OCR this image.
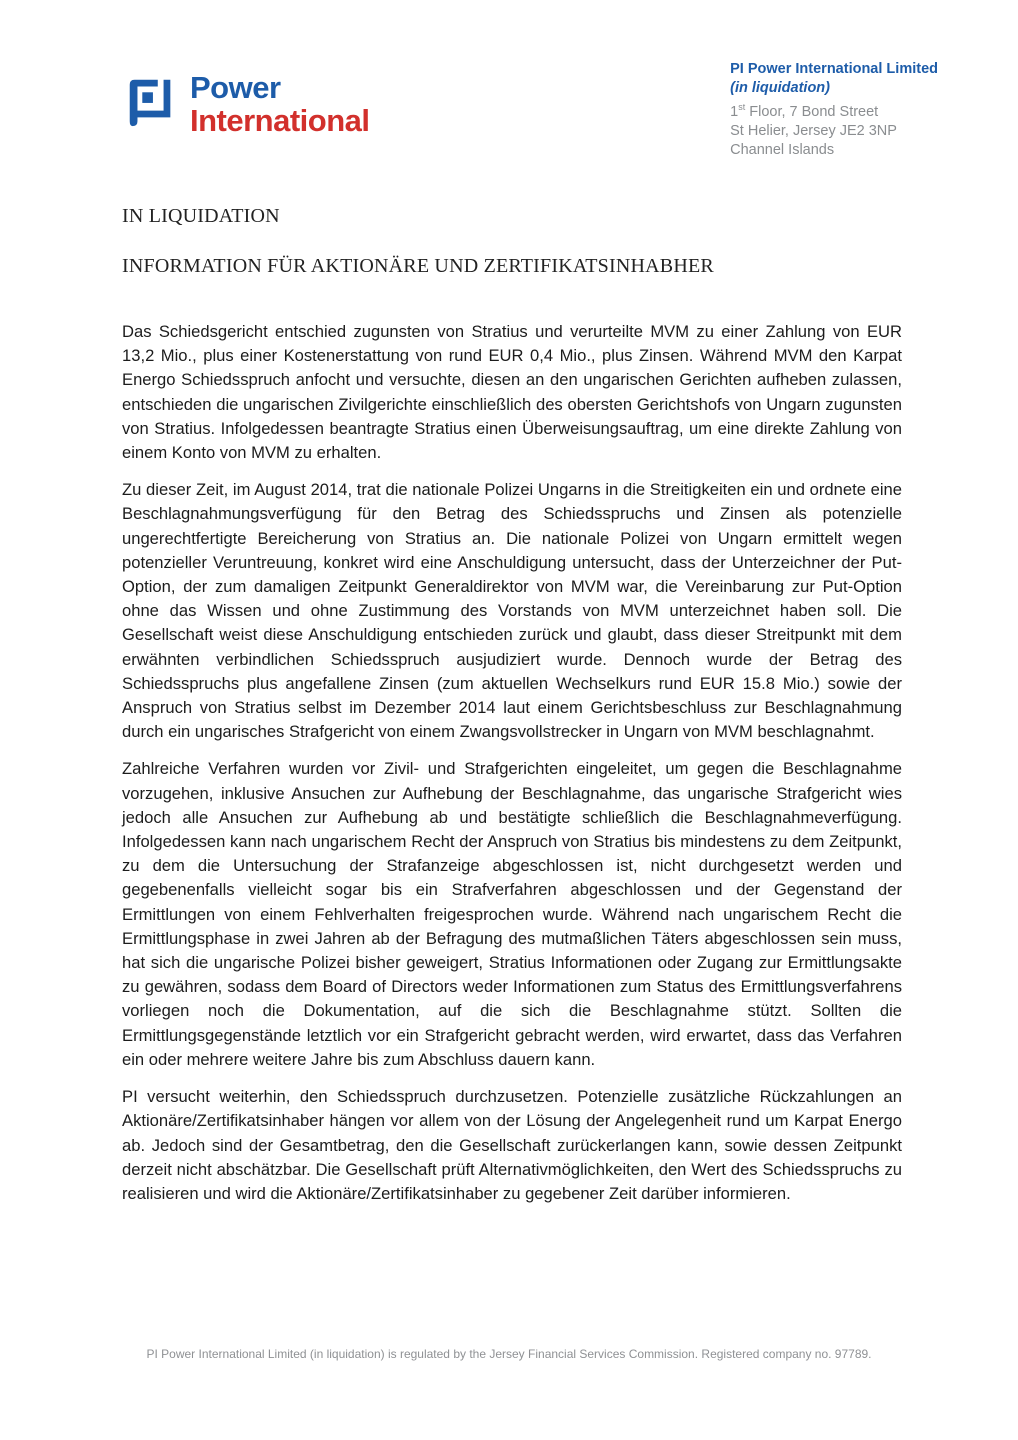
Power
International
PI Power International Limited
(in liquidation)
1st Floor, 7 Bond Street
St Helier, Jersey JE2 3NP
Channel Islands
IN LIQUIDATION
INFORMATION FÜR AKTIONÄRE UND ZERTIFIKATSINHABHER

Das Schiedsgericht entschied zugunsten von Stratius und verurteilte MVM zu einer Zahlung von EUR 13,2 Mio., plus einer Kostenerstattung von rund EUR 0,4 Mio., plus Zinsen. Während MVM den Karpat Energo Schiedsspruch anfocht und versuchte, diesen an den ungarischen Gerichten aufheben zulassen, entschieden die ungarischen Zivilgerichte einschließlich des obersten Gerichtshofs von Ungarn zugunsten von Stratius. Infolgedessen beantragte Stratius einen Überweisungsauftrag, um eine direkte Zahlung von einem Konto von MVM zu erhalten.

Zu dieser Zeit, im August 2014, trat die nationale Polizei Ungarns in die Streitigkeiten ein und ordnete eine Beschlagnahmungsverfügung für den Betrag des Schiedsspruchs und Zinsen als potenzielle ungerechtfertigte Bereicherung von Stratius an. Die nationale Polizei von Ungarn ermittelt wegen potenzieller Veruntreuung, konkret wird eine Anschuldigung untersucht, dass der Unterzeichner der Put-Option, der zum damaligen Zeitpunkt Generaldirektor von MVM war, die Vereinbarung zur Put-Option ohne das Wissen und ohne Zustimmung des Vorstands von MVM unterzeichnet haben soll. Die Gesellschaft weist diese Anschuldigung entschieden zurück und glaubt, dass dieser Streitpunkt mit dem erwähnten verbindlichen Schiedsspruch ausjudiziert wurde. Dennoch wurde der Betrag des Schiedsspruchs plus angefallene Zinsen (zum aktuellen Wechselkurs rund EUR 15.8 Mio.) sowie der Anspruch von Stratius selbst im Dezember 2014 laut einem Gerichtsbeschluss zur Beschlagnahmung durch ein ungarisches Strafgericht von einem Zwangsvollstrecker in Ungarn von MVM beschlagnahmt.

Zahlreiche Verfahren wurden vor Zivil- und Strafgerichten eingeleitet, um gegen die Beschlagnahme vorzugehen, inklusive Ansuchen zur Aufhebung der Beschlagnahme, das ungarische Strafgericht wies jedoch alle Ansuchen zur Aufhebung ab und bestätigte schließlich die Beschlagnahmeverfügung. Infolgedessen kann nach ungarischem Recht der Anspruch von Stratius bis mindestens zu dem Zeitpunkt, zu dem die Untersuchung der Strafanzeige abgeschlossen ist, nicht durchgesetzt werden und gegebenenfalls vielleicht sogar bis ein Strafverfahren abgeschlossen und der Gegenstand der Ermittlungen von einem Fehlverhalten freigesprochen wurde. Während nach ungarischem Recht die Ermittlungsphase in zwei Jahren ab der Befragung des mutmaßlichen Täters abgeschlossen sein muss, hat sich die ungarische Polizei bisher geweigert, Stratius Informationen oder Zugang zur Ermittlungsakte zu gewähren, sodass dem Board of Directors weder Informationen zum Status des Ermittlungsverfahrens vorliegen noch die Dokumentation, auf die sich die Beschlagnahme stützt. Sollten die Ermittlungsgegenstände letztlich vor ein Strafgericht gebracht werden, wird erwartet, dass das Verfahren ein oder mehrere weitere Jahre bis zum Abschluss dauern kann.

PI versucht weiterhin, den Schiedsspruch durchzusetzen. Potenzielle zusätzliche Rückzahlungen an Aktionäre/Zertifikatsinhaber hängen vor allem von der Lösung der Angelegenheit rund um Karpat Energo ab. Jedoch sind der Gesamtbetrag, den die Gesellschaft zurückerlangen kann, sowie dessen Zeitpunkt derzeit nicht abschätzbar. Die Gesellschaft prüft Alternativmöglichkeiten, den Wert des Schiedsspruchs zu realisieren und wird die Aktionäre/Zertifikatsinhaber zu gegebener Zeit darüber informieren.

PI Power International Limited (in liquidation) is regulated by the Jersey Financial Services Commission. Registered company no. 97789.
